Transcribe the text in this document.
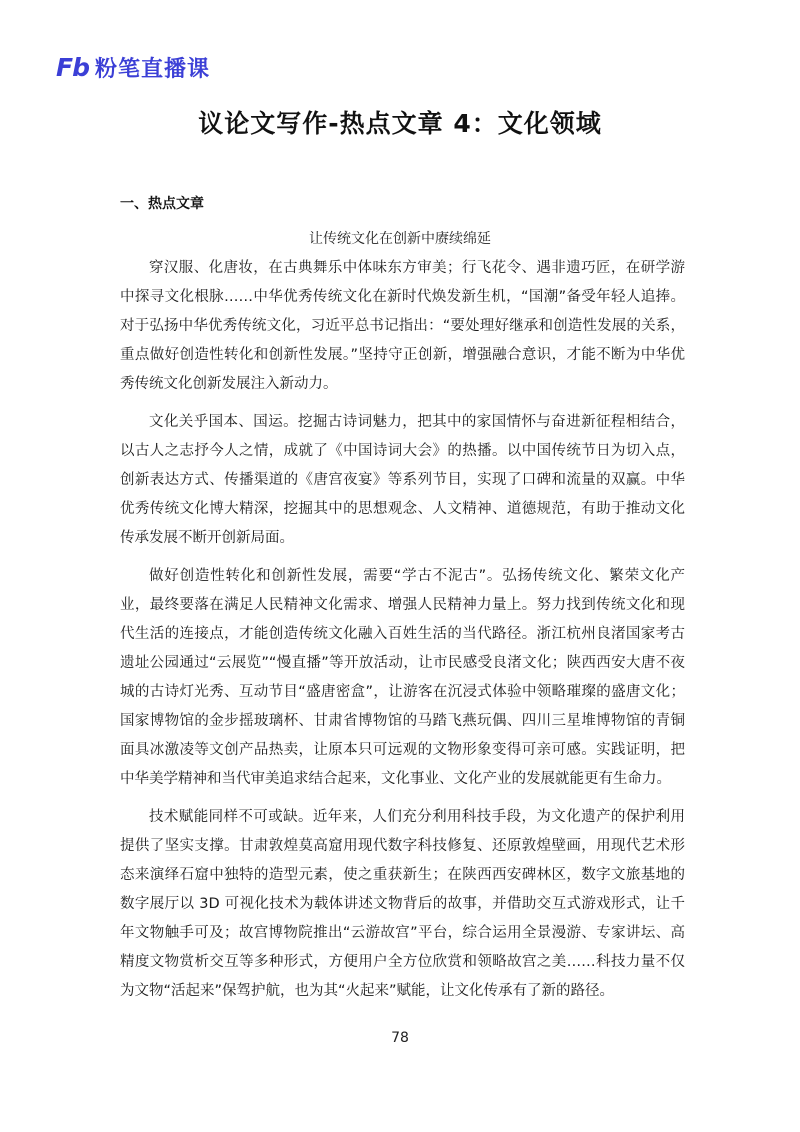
Fb 粉笔直播课
议论文写作-热点文章 4：文化领域
一、热点文章
让传统文化在创新中赓续绵延

穿汉服、化唐妆，在古典舞乐中体味东方审美；行飞花令、遇非遗巧匠，在研学游中探寻文化根脉……中华优秀传统文化在新时代焕发新生机，“国潮”备受年轻人追捧。对于弘扬中华优秀传统文化，习近平总书记指出：“要处理好继承和创造性发展的关系，重点做好创造性转化和创新性发展。”坚持守正创新，增强融合意识，才能不断为中华优秀传统文化创新发展注入新动力。

文化关乎国本、国运。挖掘古诗词魅力，把其中的家国情怀与奋进新征程相结合，以古人之志抒今人之情，成就了《中国诗词大会》的热播。以中国传统节日为切入点，创新表达方式、传播渠道的《唐宫夜宴》等系列节目，实现了口碑和流量的双赢。中华优秀传统文化博大精深，挖掘其中的思想观念、人文精神、道德规范，有助于推动文化传承发展不断开创新局面。

做好创造性转化和创新性发展，需要“学古不泥古”。弘扬传统文化、繁荣文化产业，最终要落在满足人民精神文化需求、增强人民精神力量上。努力找到传统文化和现代生活的连接点，才能创造传统文化融入百姓生活的当代路径。浙江杭州良渚国家考古遗址公园通过“云展览”“慢直播”等开放活动，让市民感受良渚文化；陕西西安大唐不夜城的古诗灯光秀、互动节目“盛唐密盒”，让游客在沉浸式体验中领略璀璨的盛唐文化；国家博物馆的金步摇玻璃杯、甘肃省博物馆的马踏飞燕玩偶、四川三星堆博物馆的青铜面具冰激凌等文创产品热卖，让原本只可远观的文物形象变得可亲可感。实践证明，把中华美学精神和当代审美追求结合起来，文化事业、文化产业的发展就能更有生命力。

技术赋能同样不可或缺。近年来，人们充分利用科技手段，为文化遗产的保护利用提供了坚实支撑。甘肃敦煌莫高窟用现代数字科技修复、还原敦煌壁画，用现代艺术形态来演绎石窟中独特的造型元素，使之重获新生；在陕西西安碑林区，数字文旅基地的数字展厅以 3D 可视化技术为载体讲述文物背后的故事，并借助交互式游戏形式，让千年文物触手可及；故宫博物院推出“云游故宫”平台，综合运用全景漫游、专家讲坛、高精度文物赏析交互等多种形式，方便用户全方位欣赏和领略故宫之美……科技力量不仅为文物“活起来”保驾护航，也为其“火起来”赋能，让文化传承有了新的路径。

78
